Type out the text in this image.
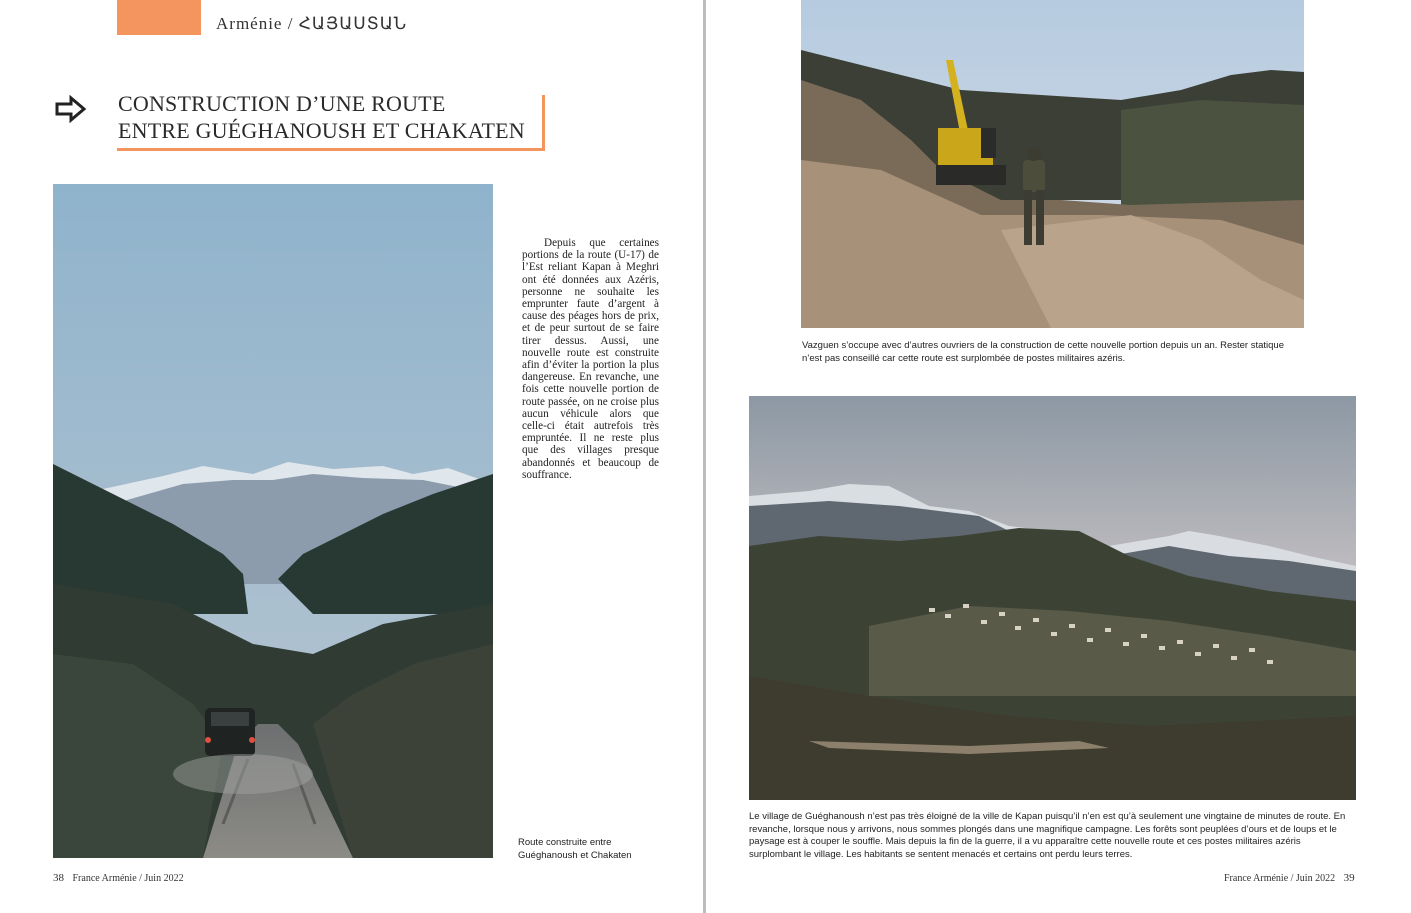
Arménie / ՀԱՅԱՍՏԱՆ
CONSTRUCTION D’UNE ROUTE
ENTRE GUÉGHANOUSH ET CHAKATEN
Depuis que certaines portions de la route (U-17) de l’Est reliant Kapan à Meghri ont été données aux Azéris, personne ne souhaite les emprunter faute d’argent à cause des péages hors de prix, et de peur surtout de se faire tirer dessus. Aussi, une nouvelle route est construite afin d’éviter la portion la plus dangereuse. En revanche, une fois cette nouvelle portion de route passée, on ne croise plus aucun véhicule alors que celle-ci était autrefois très empruntée. Il ne reste plus que des villages presque abandonnés et beaucoup de souffrance.
Route construite entre
Guéghanoush et Chakaten
38 France Arménie / Juin 2022
Vazguen s’occupe avec d’autres ouvriers de la construction de cette nouvelle portion depuis un an. Rester statique n’est pas conseillé car cette route est surplombée de postes militaires azéris.
Le village de Guéghanoush n’est pas très éloigné de la ville de Kapan puisqu’il n’en est qu’à seulement une vingtaine de minutes de route. En revanche, lorsque nous y arrivons, nous sommes plongés dans une magnifique campagne. Les forêts sont peuplées d’ours et de loups et le paysage est à couper le souffle. Mais depuis la fin de la guerre, il a vu apparaître cette nouvelle route et ces postes militaires azéris surplombant le village. Les habitants se sentent menacés et certains ont perdu leurs terres.
France Arménie / Juin 2022 39
